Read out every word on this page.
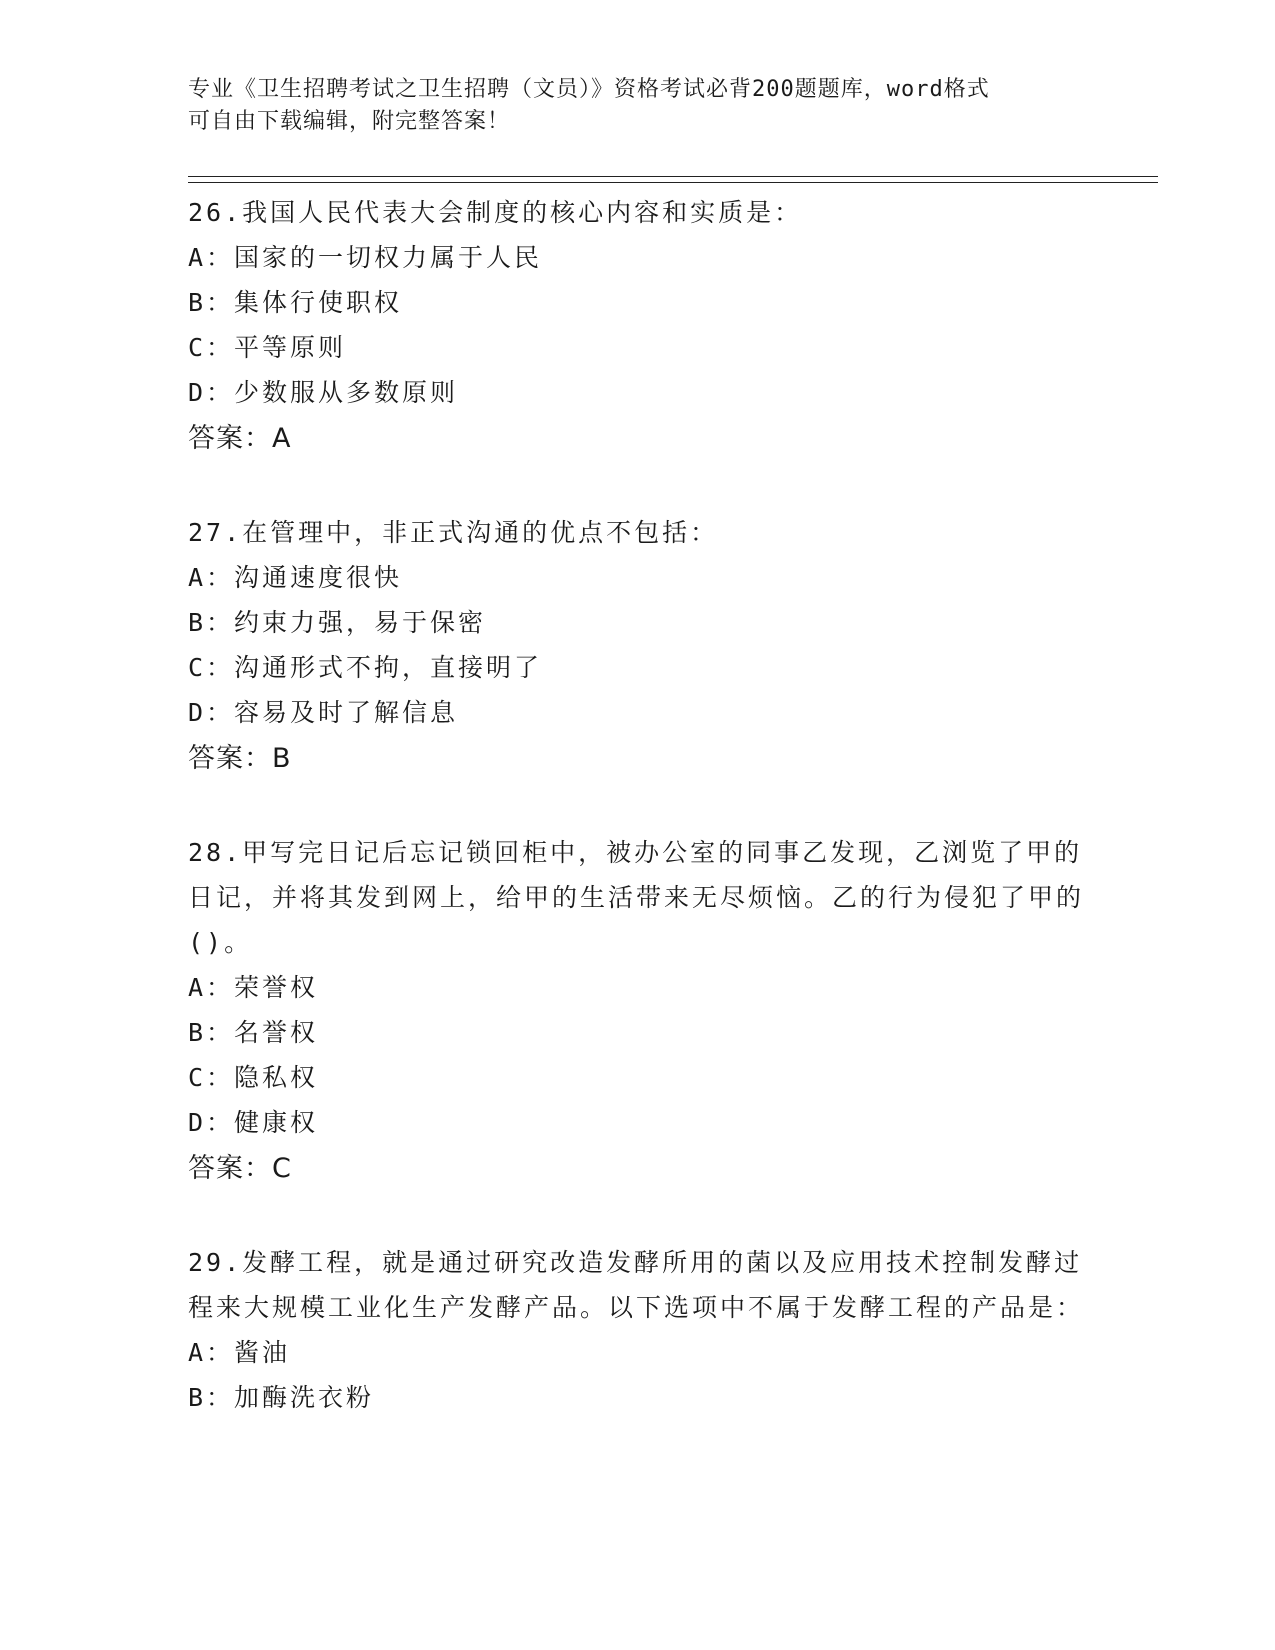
专业《卫生招聘考试之卫生招聘（文员）》资格考试必背200题题库，word格式
可自由下载编辑，附完整答案！
26.我国人民代表大会制度的核心内容和实质是：
A：国家的一切权力属于人民
B：集体行使职权
C：平等原则
D：少数服从多数原则
答案：A
27.在管理中，非正式沟通的优点不包括：
A：沟通速度很快
B：约束力强，易于保密
C：沟通形式不拘，直接明了
D：容易及时了解信息
答案：B
28.甲写完日记后忘记锁回柜中，被办公室的同事乙发现，乙浏览了甲的日记，并将其发到网上，给甲的生活带来无尽烦恼。乙的行为侵犯了甲的()。
A：荣誉权
B：名誉权
C：隐私权
D：健康权
答案：C
29.发酵工程，就是通过研究改造发酵所用的菌以及应用技术控制发酵过程来大规模工业化生产发酵产品。以下选项中不属于发酵工程的产品是：
A：酱油
B：加酶洗衣粉
